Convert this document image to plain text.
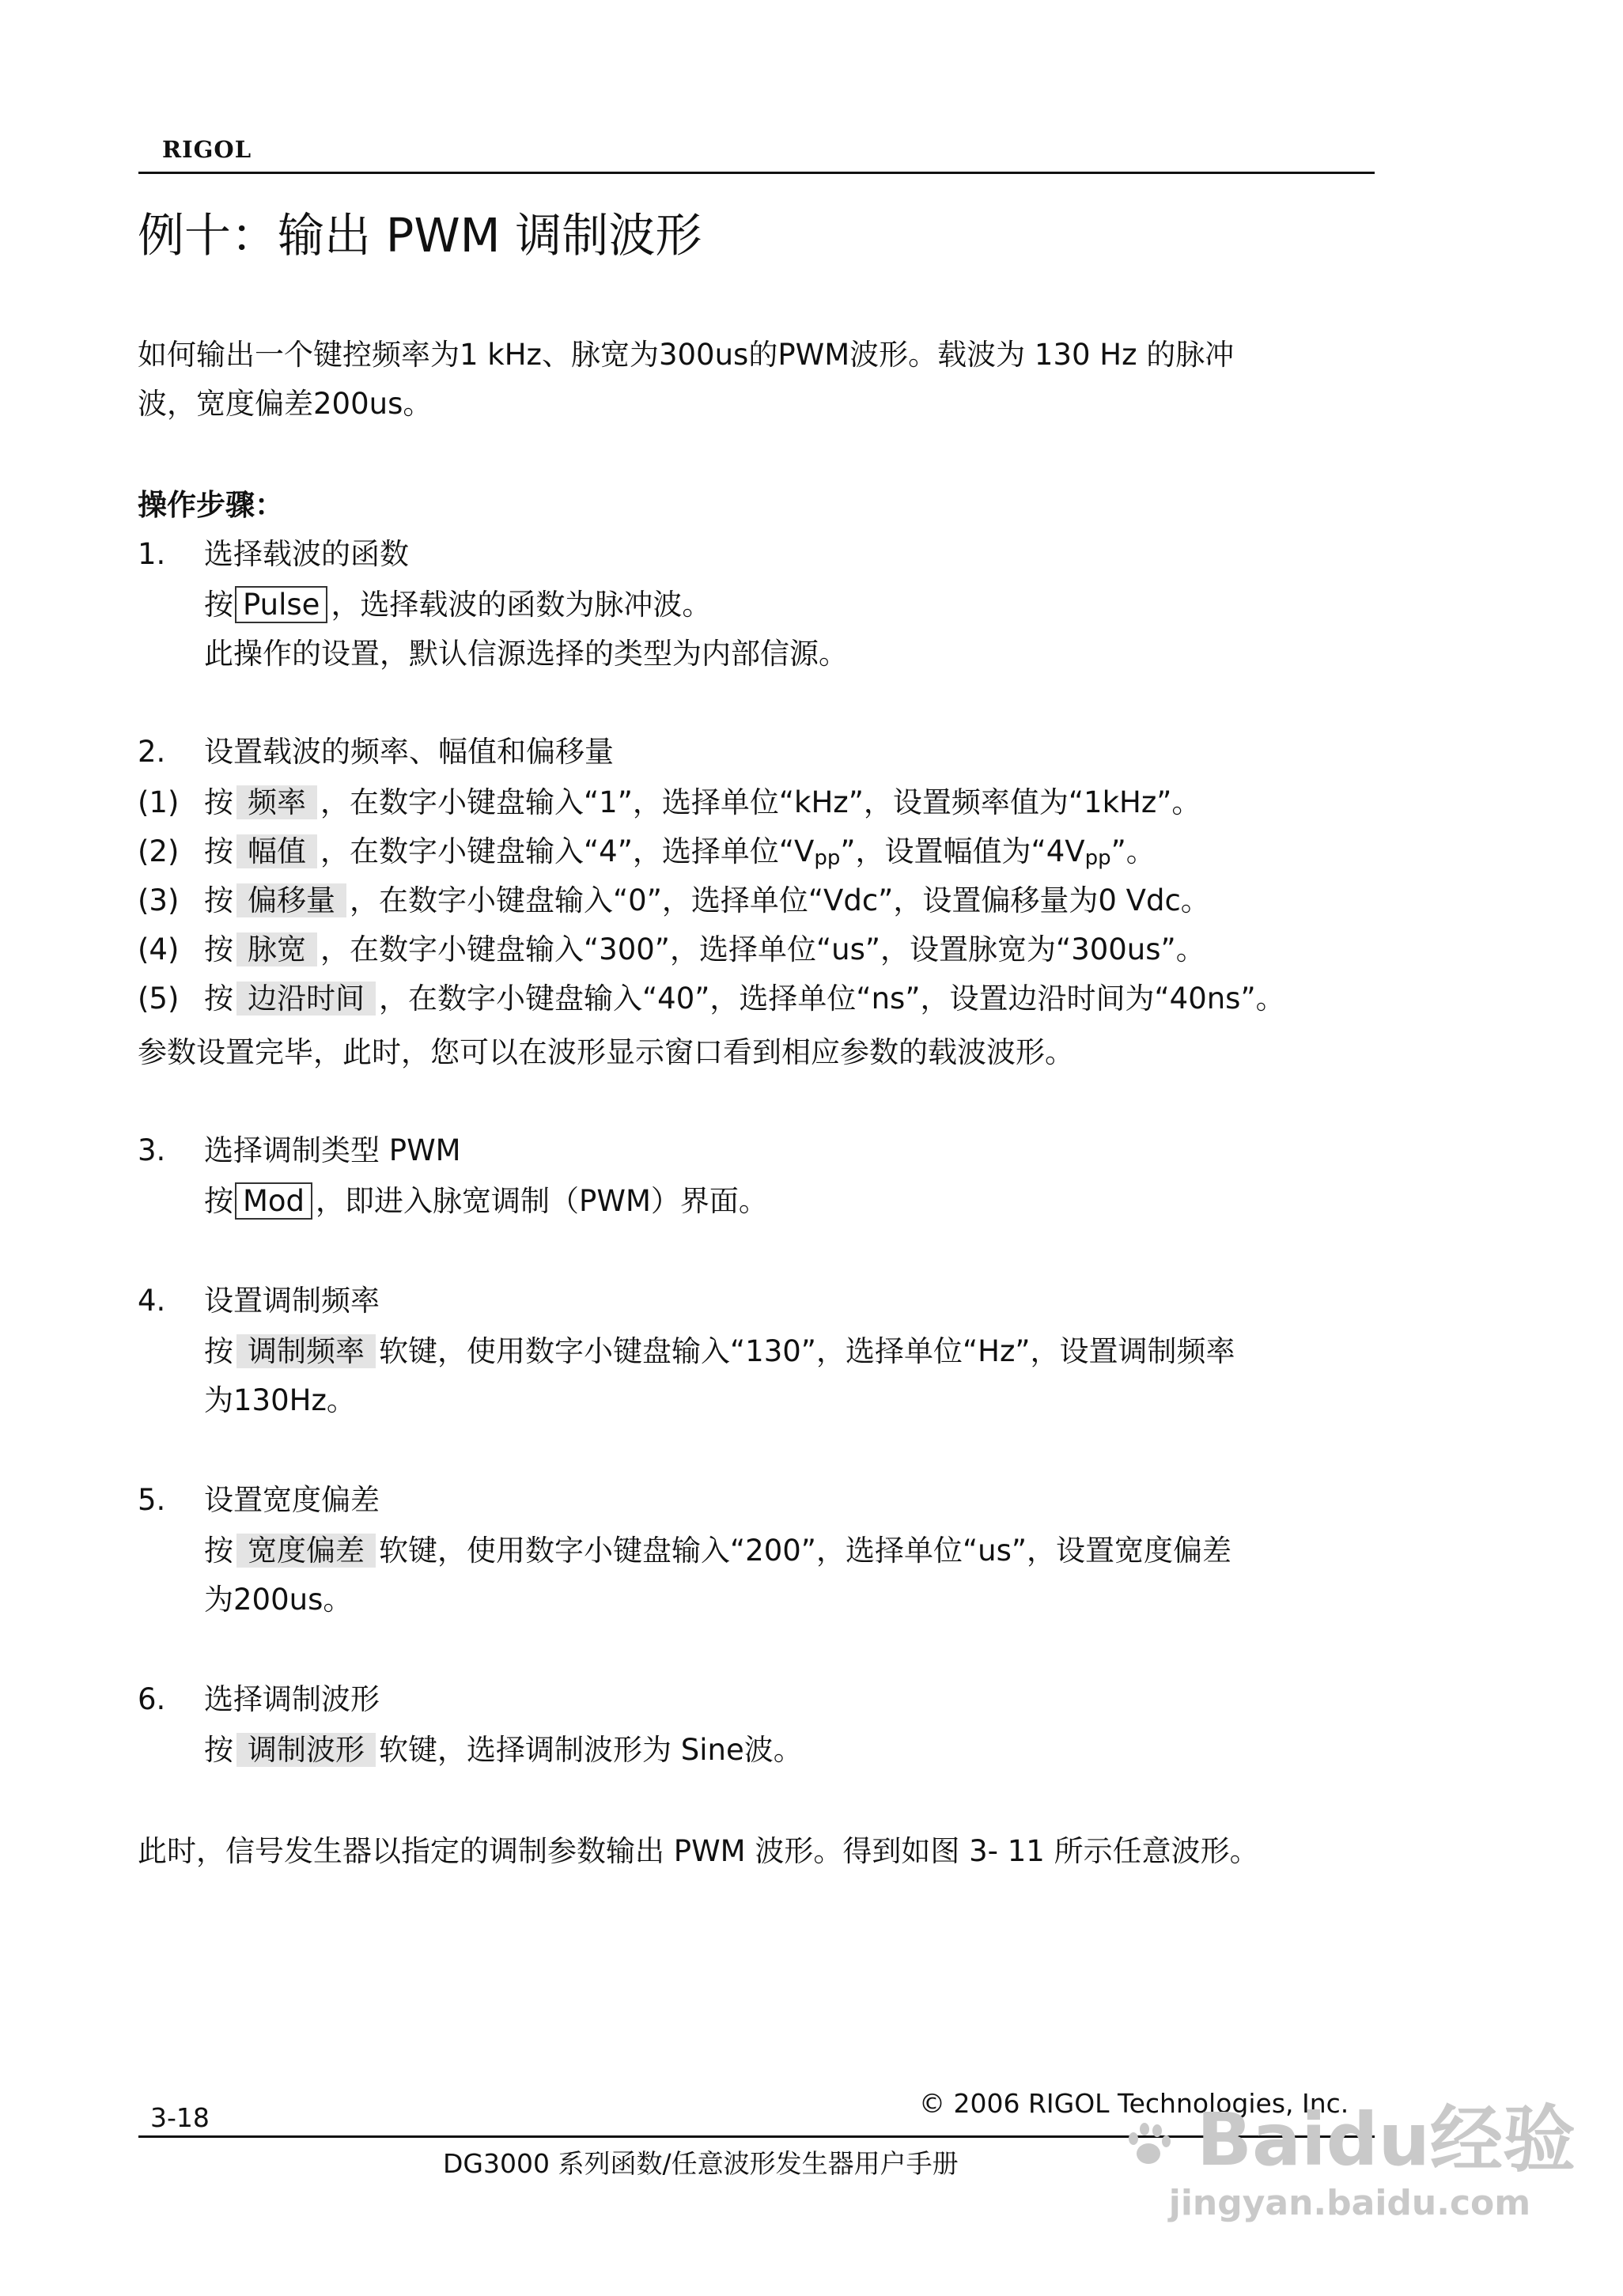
RIGOL
例十：输出 PWM 调制波形
如何输出一个键控频率为1 kHz、脉宽为300us的PWM波形。载波为 130 Hz 的脉冲
波，宽度偏差200us。
操作步骤：
1. 选择载波的函数
按 Pulse ，选择载波的函数为脉冲波。
此操作的设置，默认信源选择的类型为内部信源。
2. 设置载波的频率、幅值和偏移量
(1) 按 频率 ，在数字小键盘输入“1”，选择单位“kHz”，设置频率值为“1kHz”。
(2) 按 幅值 ，在数字小键盘输入“4”，选择单位“Vpp”，设置幅值为“4Vpp”。
(3) 按 偏移量 ，在数字小键盘输入“0”，选择单位“Vdc”，设置偏移量为0 Vdc。
(4) 按 脉宽 ，在数字小键盘输入“300”，选择单位“us”，设置脉宽为“300us”。
(5) 按 边沿时间 ，在数字小键盘输入“40”，选择单位“ns”，设置边沿时间为“40ns”。
参数设置完毕，此时，您可以在波形显示窗口看到相应参数的载波波形。
3. 选择调制类型 PWM
按 Mod ，即进入脉宽调制（PWM）界面。
4. 设置调制频率
按 调制频率 软键，使用数字小键盘输入“130”，选择单位“Hz”，设置调制频率
为130Hz。
5. 设置宽度偏差
按 宽度偏差 软键，使用数字小键盘输入“200”，选择单位“us”，设置宽度偏差
为200us。
6. 选择调制波形
按 调制波形 软键，选择调制波形为 Sine波。
此时，信号发生器以指定的调制参数输出 PWM 波形。得到如图 3- 11 所示任意波形。
© 2006 RIGOL Technologies, Inc.
3-18
DG3000 系列函数/任意波形发生器用户手册	Baidu经验
jingyan.baidu.com
